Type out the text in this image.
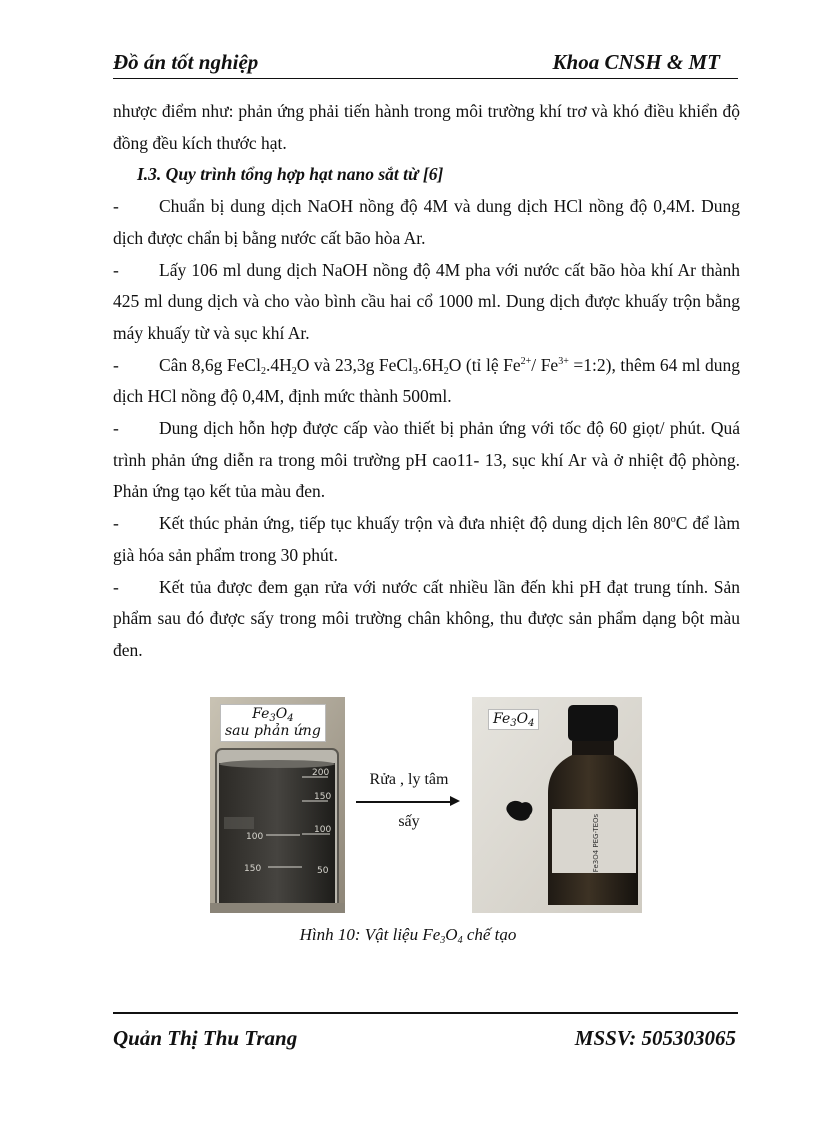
Đồ án tốt nghiệp	Khoa CNSH & MT

nhược điểm như: phản ứng phải tiến hành trong môi trường khí trơ và khó điều khiển độ đồng đều kích thước hạt.

I.3. Quy trình tổng hợp hạt nano sắt từ [6]

- Chuẩn bị dung dịch NaOH nồng độ 4M và dung dịch HCl nồng độ 0,4M. Dung dịch được chẩn bị bằng nước cất bão hòa Ar.

- Lấy 106 ml dung dịch NaOH nồng độ 4M pha với nước cất bão hòa khí Ar thành 425 ml dung dịch và cho vào bình cầu hai cổ 1000 ml. Dung dịch được khuấy trộn bằng máy khuấy từ và sục khí Ar.

- Cân 8,6g $FeCl_2.4H_2O$ và 23,3g $FeCl_3.6H_2O$ (tỉ lệ $Fe^{2+}/$ $Fe^{3+}$ =1:2), thêm 64 ml dung dịch HCl nồng độ 0,4M, định mức thành 500ml.

- Dung dịch hỗn hợp được cấp vào thiết bị phản ứng với tốc độ 60 giọt/ phút. Quá trình phản ứng diễn ra trong môi trường pH cao11- 13, sục khí Ar và ở nhiệt độ phòng. Phản ứng tạo kết tủa màu đen.

- Kết thúc phản ứng, tiếp tục khuấy trộn và đưa nhiệt độ dung dịch lên 80$^o$C để làm già hóa sản phẩm trong 30 phút.

- Kết tủa được đem gạn rửa với nước cất nhiều lần đến khi pH đạt trung tính. Sản phẩm sau đó được sấy trong môi trường chân không, thu được sản phẩm dạng bột màu đen.

200
150
100
100
150	50
$Fe_3O_4$
sau phản ứng
Rửa , ly tâm
sấy	Fe3O4 PEG-TEOs
$Fe_3O_4$
Hình 10: Vật liệu $Fe_3O_4$ chế tạo
Quản Thị Thu Trang	MSSV: 505303065
